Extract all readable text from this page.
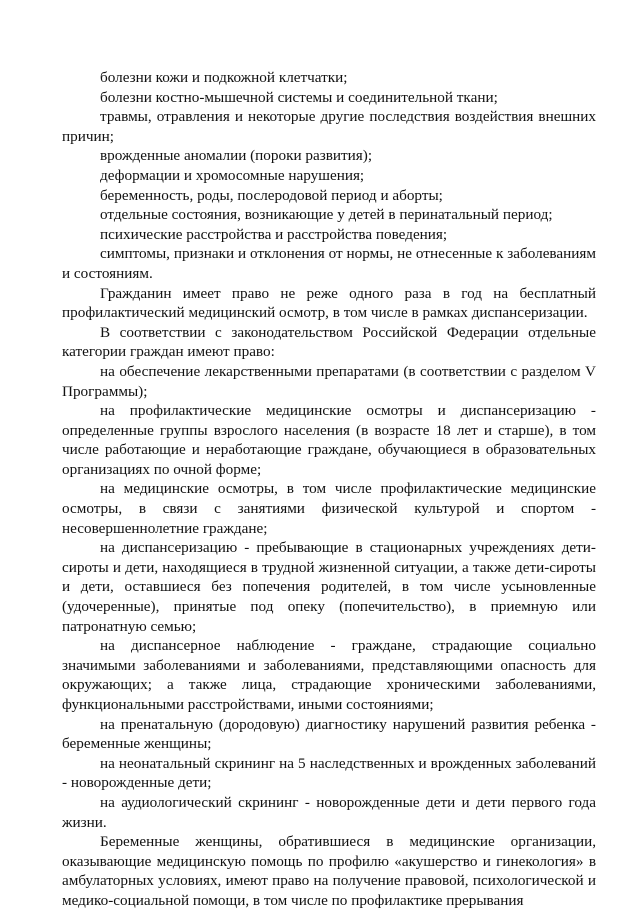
болезни кожи и подкожной клетчатки;

болезни костно-мышечной системы и соединительной ткани;

травмы, отравления и некоторые другие последствия воздействия внешних причин;

врожденные аномалии (пороки развития);

деформации и хромосомные нарушения;

беременность, роды, послеродовой период и аборты;

отдельные состояния, возникающие у детей в перинатальный период;

психические расстройства и расстройства поведения;

симптомы, признаки и отклонения от нормы, не отнесенные к заболеваниям и состояниям.

Гражданин имеет право не реже одного раза в год на бесплатный профилактический медицинский осмотр, в том числе в рамках диспансеризации.

В соответствии с законодательством Российской Федерации отдельные категории граждан имеют право:

на обеспечение лекарственными препаратами (в соответствии с разделом V Программы);

на профилактические медицинские осмотры и диспансеризацию - определенные группы взрослого населения (в возрасте 18 лет и старше), в том числе работающие и неработающие граждане, обучающиеся в образовательных организациях по очной форме;

на медицинские осмотры, в том числе профилактические медицинские осмотры, в связи с занятиями физической культурой и спортом - несовершеннолетние граждане;

на диспансеризацию - пребывающие в стационарных учреждениях дети-сироты и дети, находящиеся в трудной жизненной ситуации, а также дети-сироты и дети, оставшиеся без попечения родителей, в том числе усыновленные (удочеренные), принятые под опеку (попечительство), в приемную или патронатную семью;

на диспансерное наблюдение - граждане, страдающие социально значимыми заболеваниями и заболеваниями, представляющими опасность для окружающих; а также лица, страдающие хроническими заболеваниями, функциональными расстройствами, иными состояниями;

на пренатальную (дородовую) диагностику нарушений развития ребенка - беременные женщины;

на неонатальный скрининг на 5 наследственных и врожденных заболеваний - новорожденные дети;

на аудиологический скрининг - новорожденные дети и дети первого года жизни.

Беременные женщины, обратившиеся в медицинские организации, оказывающие медицинскую помощь по профилю «акушерство и гинекология» в амбулаторных условиях, имеют право на получение правовой, психологической и медико-социальной помощи, в том числе по профилактике прерывания
